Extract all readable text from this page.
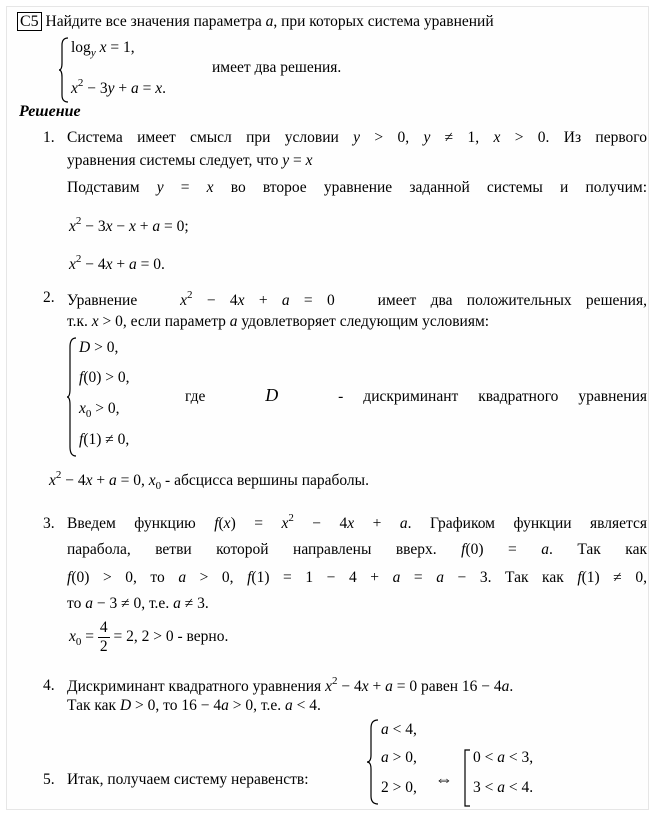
C5 Найдите все значения параметра a, при которых система уравнений
$\log_y x = 1$,
$x^2 - 3y + a = x$.
имеет два решения.
Решение
1. Система имеет смысл при условии y > 0, y ≠ 1, x > 0. Из первого
уравнения системы следует, что y = x
Подставим y = x во второе уравнение заданной системы и получим:
$x^2 - 3x - x + a = 0$;
$x^2 - 4x + a = 0$.
2. Уравнение   $x^2 - 4x + a = 0$   имеет два положительных решения,
т.к. x > 0, если параметр a удовлетворяет следующим условиям:
D > 0,
f(0) > 0,
$x_0 > 0$,
f(1) ≠ 0,
где   D   - дискриминант квадратного уравнения
$x^2 - 4x + a = 0$, $x_0$ - абсцисса вершины параболы.
3. Введем функцию $f(x) = x^2 - 4x + a$. Графиком функции является
парабола, ветви которой направлены вверх. f(0) = a. Так как
f(0) > 0, то a > 0, f(1) = 1 − 4 + a = a − 3. Так как f(1) ≠ 0,
то a − 3 ≠ 0, т.е. a ≠ 3.
$x_0 = \frac{4}{2} = 2$, 2 > 0 - верно.
4. Дискриминант квадратного уравнения $x^2 - 4x + a = 0$ равен 16 − 4a.
Так как D > 0, то 16 − 4a > 0, т.е. a < 4.
5. Итак, получаем систему неравенств:
a < 4,
a > 0,
2 > 0, ⇔
0 < a < 3,
3 < a < 4.
